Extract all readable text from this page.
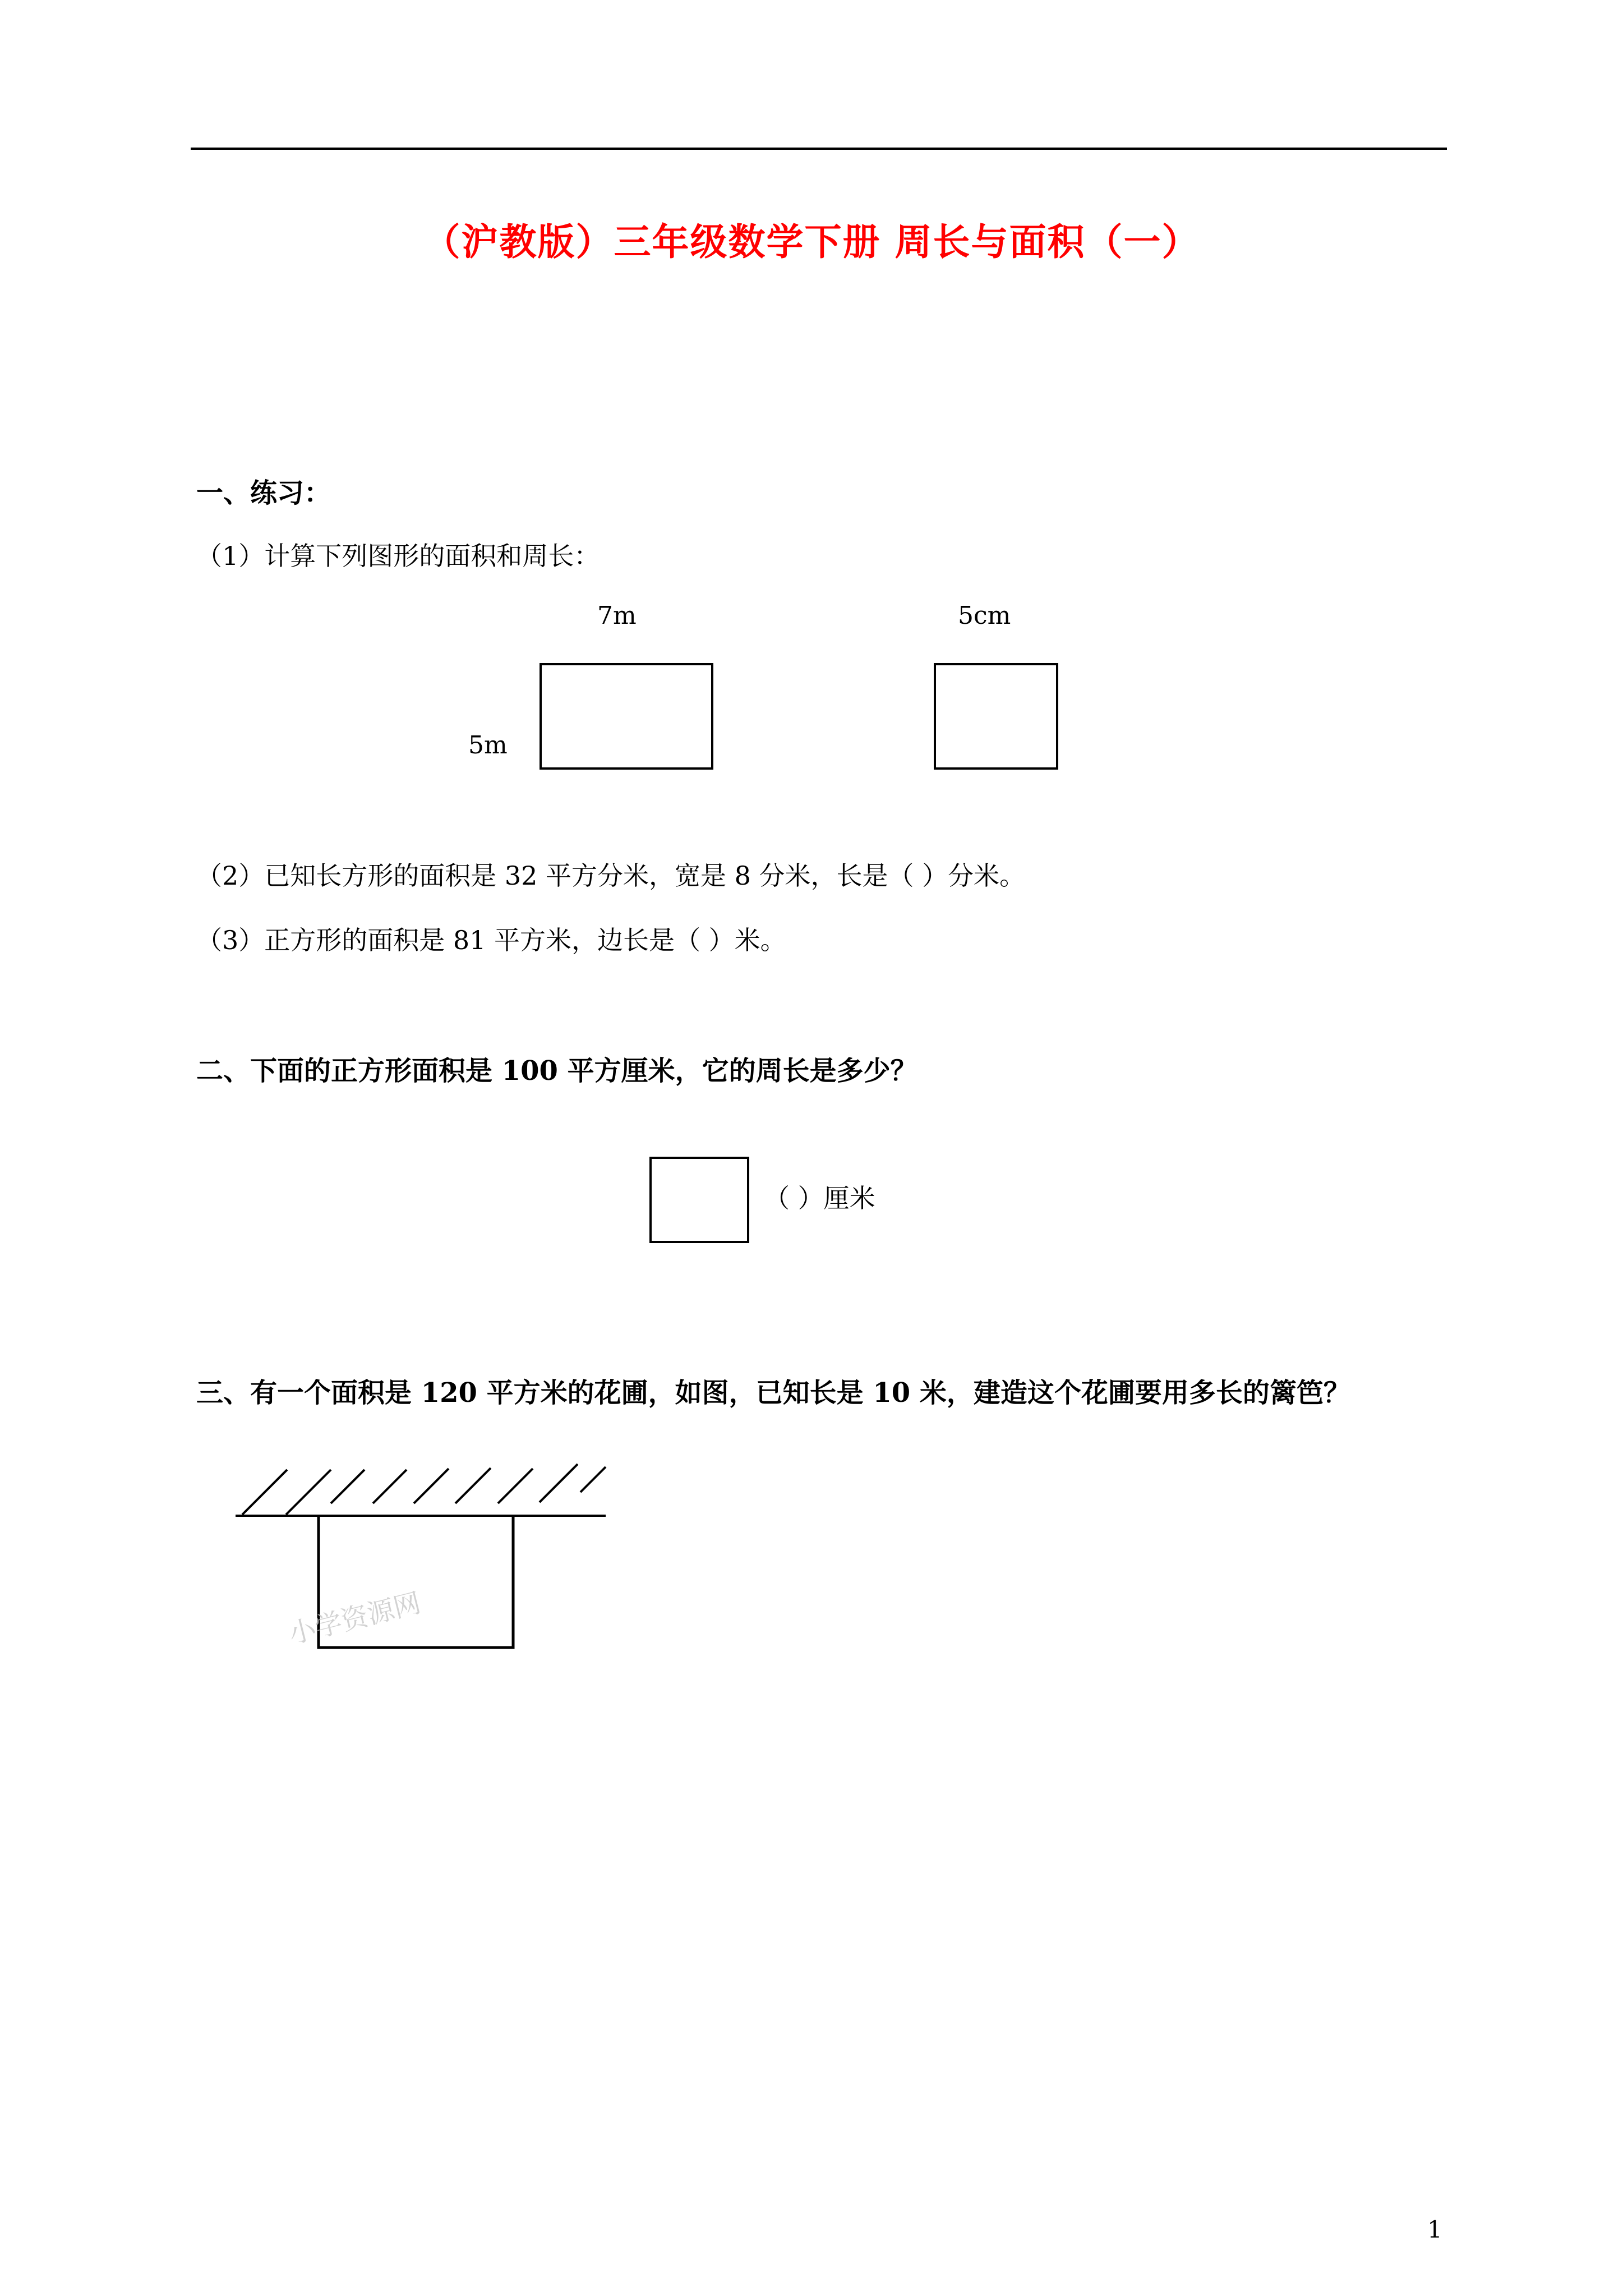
（沪教版）三年级数学下册 周长与面积（一）
一、练习：
（1）计算下列图形的面积和周长：
7m
5m
5cm
（2）已知长方形的面积是 32 平方分米，宽是 8 分米，长是（ ）分米。
（3）正方形的面积是 81 平方米，边长是（ ）米。
二、下面的正方形面积是 100 平方厘米，它的周长是多少？
（ ）厘米
三、有一个面积是 120 平方米的花圃，如图，已知长是 10 米，建造这个花圃要用多长的篱笆？
小学资源网
1
